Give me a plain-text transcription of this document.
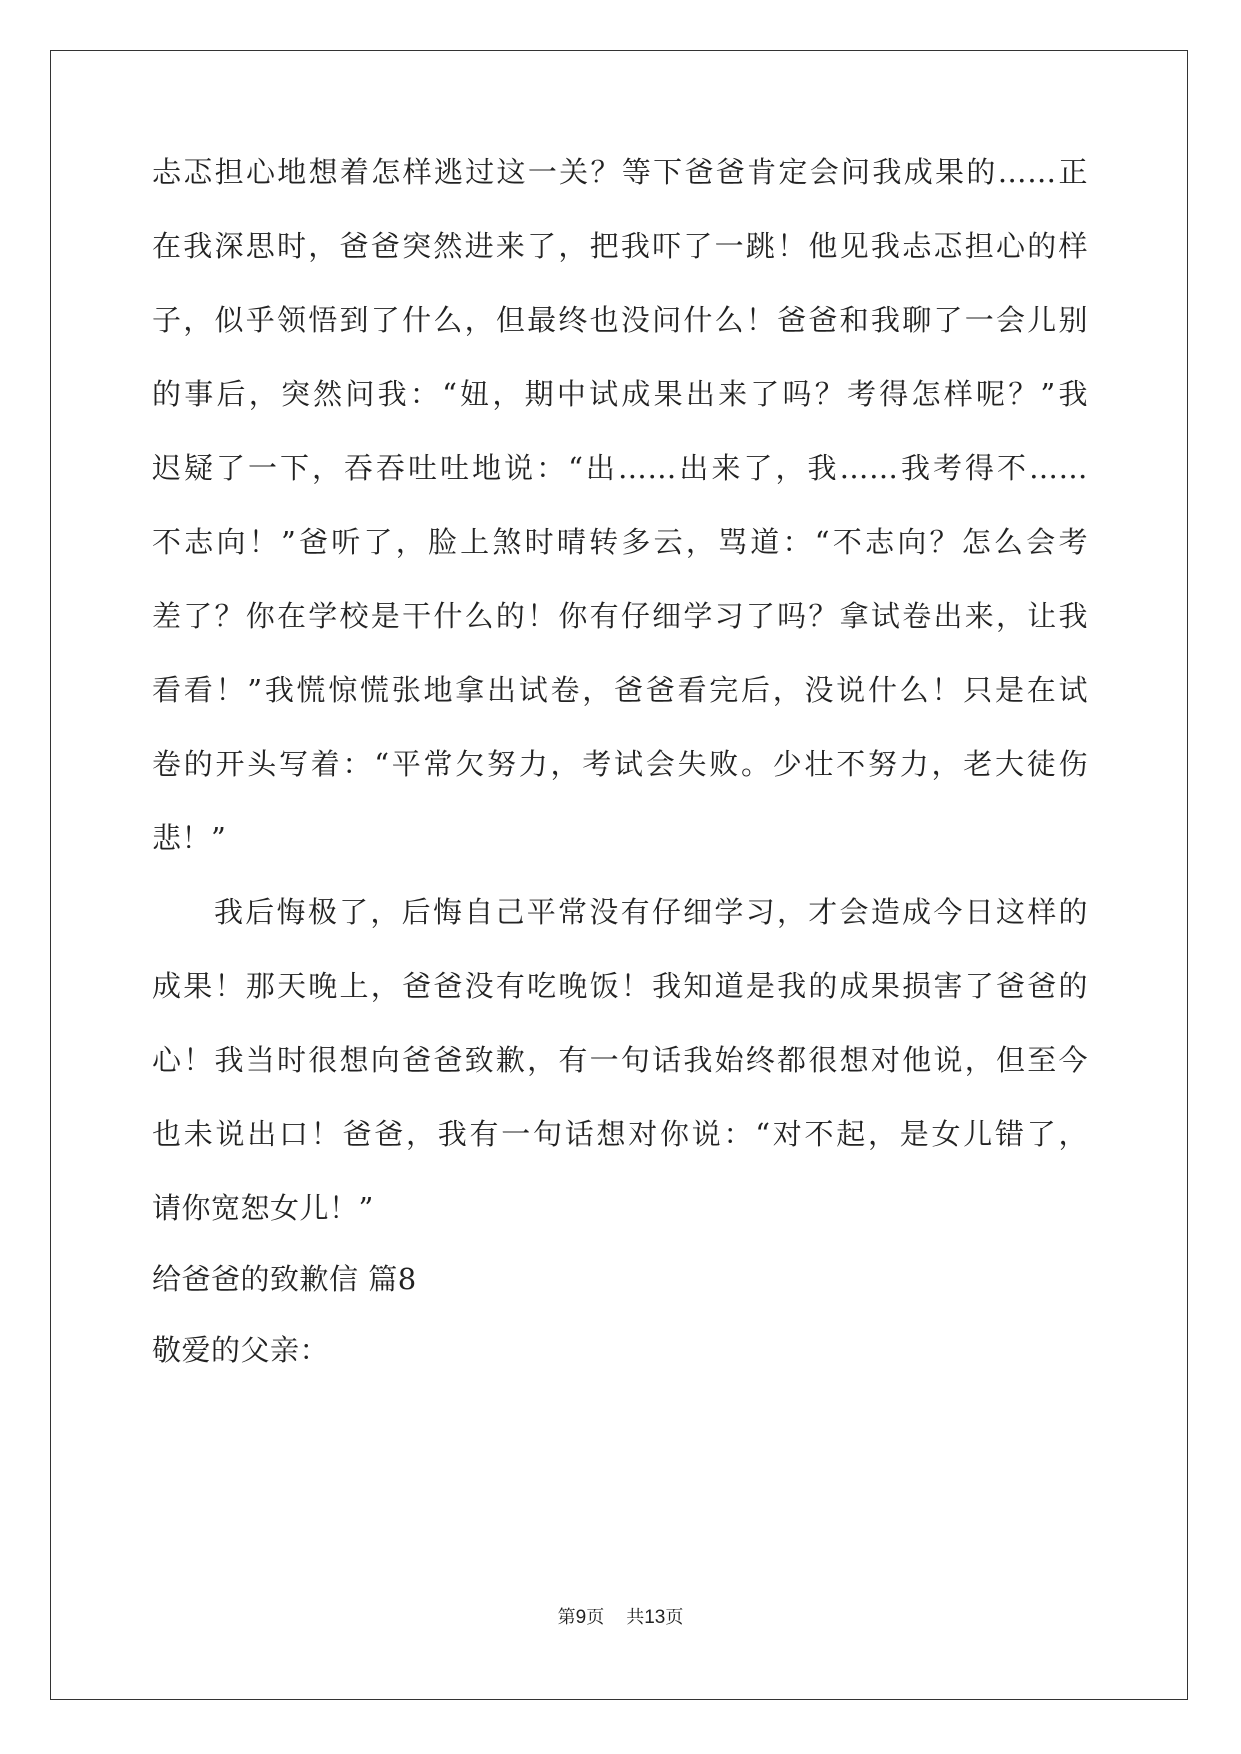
忐忑担心地想着怎样逃过这一关？等下爸爸肯定会问我成果的……正
在我深思时，爸爸突然进来了，把我吓了一跳！他见我忐忑担心的样
子，似乎领悟到了什么，但最终也没问什么！爸爸和我聊了一会儿别
的事后，突然问我：“妞，期中试成果出来了吗？考得怎样呢？”我
迟疑了一下，吞吞吐吐地说：“出……出来了，我……我考得不……
不志向！”爸听了，脸上煞时晴转多云，骂道：“不志向？怎么会考
差了？你在学校是干什么的！你有仔细学习了吗？拿试卷出来，让我
看看！”我慌惊慌张地拿出试卷，爸爸看完后，没说什么！只是在试
卷的开头写着：“平常欠努力，考试会失败。少壮不努力，老大徒伤
悲！”
我后悔极了，后悔自己平常没有仔细学习，才会造成今日这样的
成果！那天晚上，爸爸没有吃晚饭！我知道是我的成果损害了爸爸的
心！我当时很想向爸爸致歉，有一句话我始终都很想对他说，但至今
也未说出口！爸爸，我有一句话想对你说：“对不起，是女儿错了，
请你宽恕女儿！”
给爸爸的致歉信 篇8
敬爱的父亲：
第9页 共13页
